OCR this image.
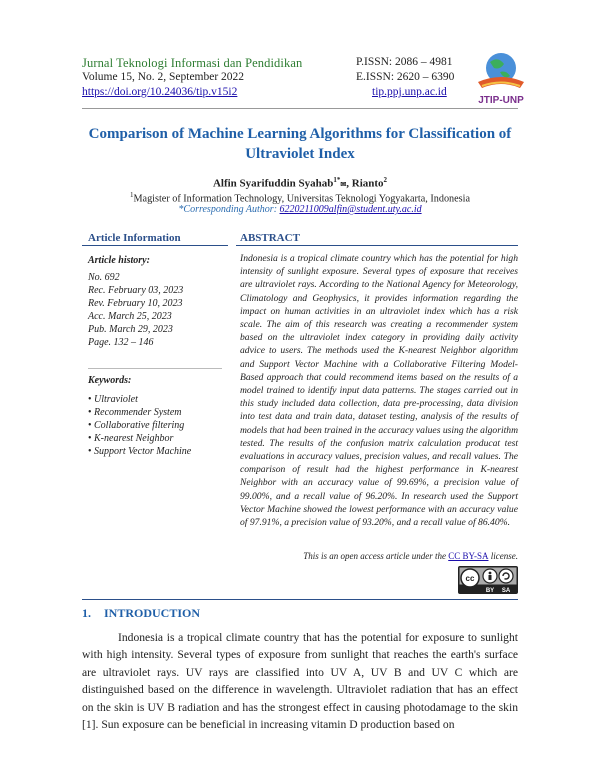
Jurnal Teknologi Informasi dan Pendidikan
Volume 15, No. 2, September 2022
https://doi.org/10.24036/tip.v15i2
P.ISSN: 2086 – 4981
E.ISSN: 2620 – 6390
tip.ppj.unp.ac.id
JTIP-UNP
Comparison of Machine Learning Algorithms for Classification of Ultraviolet Index
Alfin Syarifuddin Syahab$^{1*}$✉, Rianto$^2$
$^1$Magister of Information Technology, Universitas Teknologi Yogyakarta, Indonesia
*Corresponding Author: 6220211009alfin@student.uty.ac.id
Article Information	ABSTRACT
Article history:
No. 692
Rec. February 03, 2023
Rev. February 10, 2023
Acc. March 25, 2023
Pub. March 29, 2023
Page. 132 – 146
Keywords:
• Ultraviolet
• Recommender System
• Collaborative filtering
• K-nearest Neighbor
• Support Vector Machine
Indonesia is a tropical climate country which has the potential for high intensity of sunlight exposure. Several types of exposure that receives are ultraviolet rays. According to the National Agency for Meteorology, Climatology and Geophysics, it provides information regarding the impact on human activities in an ultraviolet index which has a risk scale. The aim of this research was creating a recommender system based on the ultraviolet index category in providing daily activity advice to users. The methods used the K-nearest Neighbor algorithm and Support Vector Machine with a Collaborative Filtering Model-Based approach that could recommend items based on the results of a model trained to identify input data patterns. The stages carried out in this study included data collection, data pre-processing, data division into test data and train data, dataset testing, analysis of the results of models that had been trained in the accuracy values using the algorithm tested. The results of the confusion matrix calculation producat test evaluations in accuracy values, precision values, and recall values. The comparison of result had the highest performance in K-nearest Neighbor with an accuracy value of 99.69%, a precision value of 99.00%, and a recall value of 96.20%. In research used the Support Vector Machine showed the lowest performance with an accuracy value of 97.91%, a precision value of 93.20%, and a recall value of 86.40%.
This is an open access article under the CC BY-SA license.
cc
BY SA
1. INTRODUCTION
Indonesia is a tropical climate country that has the potential for exposure to sunlight with high intensity. Several types of exposure from sunlight that reaches the earth's surface are ultraviolet rays. UV rays are classified into UV A, UV B and UV C which are distinguished based on the difference in wavelength. Ultraviolet radiation that has an effect on the skin is UV B radiation and has the strongest effect in causing photodamage to the skin [1]. Sun exposure can be beneficial in increasing vitamin D production based on
